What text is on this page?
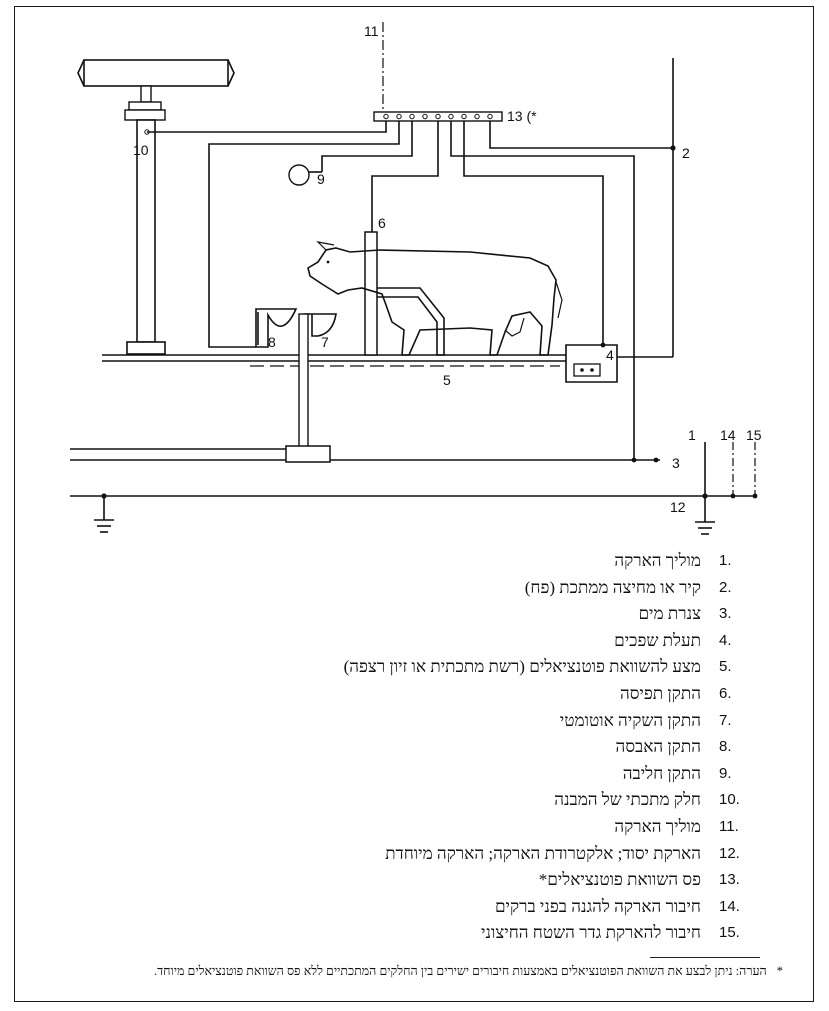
11
13 (*
2
10
9
6
8	7
4
5
3
1 14 15
12
1.
מוליך הארקה
2.
קיר או מחיצה ממתכת (פח)
3.
צנרת מים
4.
תעלת שפכים
5.
מצע להשוואת פוטנציאלים (רשת מתכתית או זיון רצפה)
6.
התקן תפיסה
7.
התקן השקיה אוטומטי
8.
התקן האבסה
9.
התקן חליבה
10.
חלק מתכתי של המבנה
11.
מוליך הארקה
12.
הארקת יסוד; אלקטרודת הארקה; הארקה מיוחדת
13.
פס השוואת פוטנציאלים*
14.
חיבור הארקה להגנה בפני ברקים
15.
חיבור להארקת גדר השטח החיצוני
*הערה: ניתן לבצע את השוואת הפוטנציאלים באמצעות חיבורים ישירים בין החלקים המתכתיים ללא פס השוואת פוטנציאלים מיוחד.
